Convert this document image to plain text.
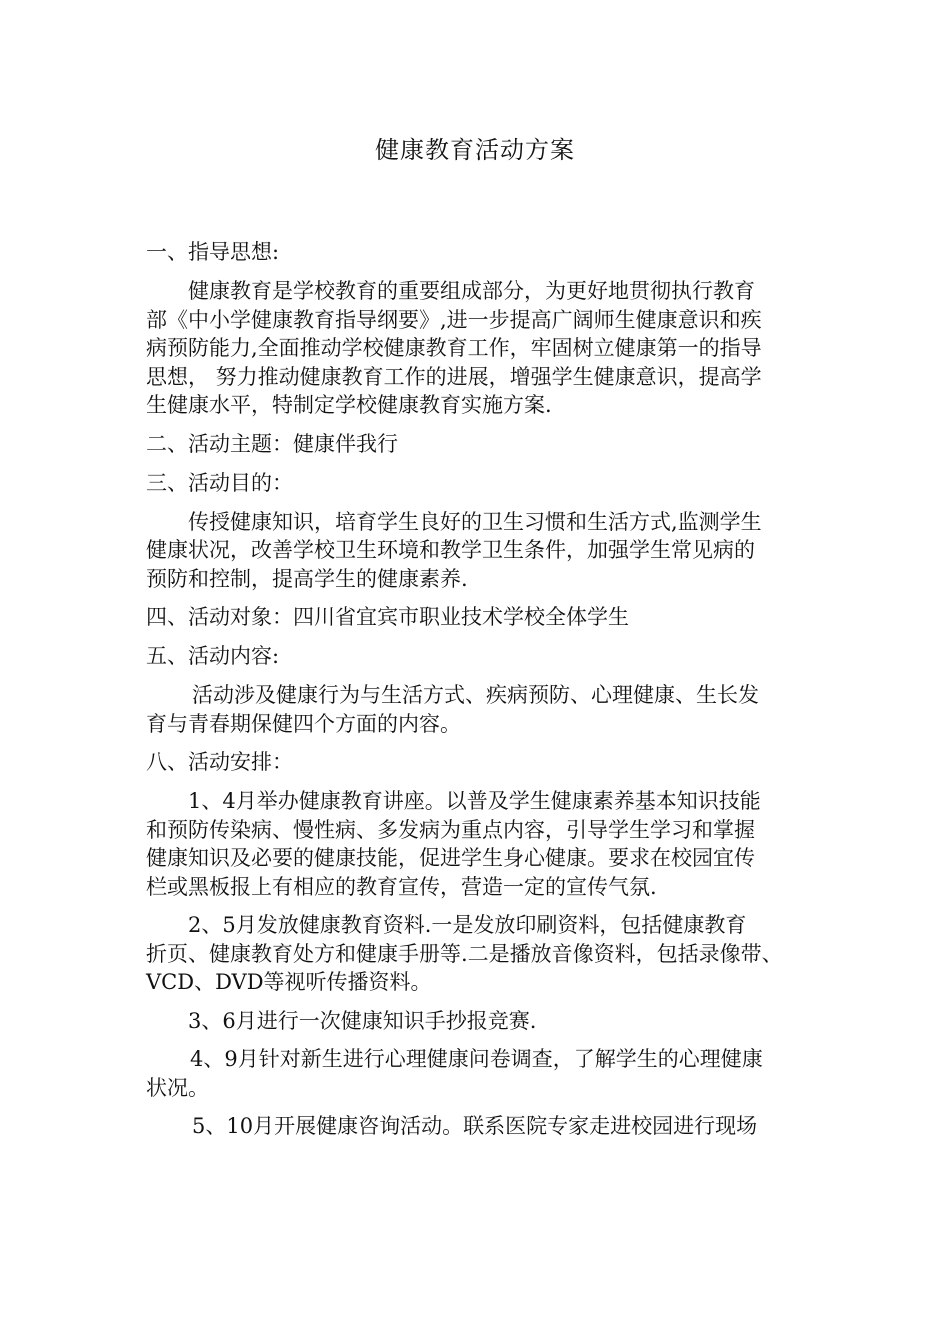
健康教育活动方案
一、指导思想:
健康教育是学校教育的重要组成部分，为更好地贯彻执行教育
部《中小学健康教育指导纲要》,进一步提高广阔师生健康意识和疾
病预防能力,全面推动学校健康教育工作，牢固树立健康第一的指导
思想， 努力推动健康教育工作的进展，增强学生健康意识，提高学
生健康水平，特制定学校健康教育实施方案.
二、活动主题：健康伴我行
三、活动目的：
传授健康知识，培育学生良好的卫生习惯和生活方式,监测学生
健康状况，改善学校卫生环境和教学卫生条件，加强学生常见病的
预防和控制，提高学生的健康素养.
四、活动对象：四川省宜宾市职业技术学校全体学生
五、活动内容:
活动涉及健康行为与生活方式、疾病预防、心理健康、生长发
育与青春期保健四个方面的内容。
八、活动安排：
1、4月举办健康教育讲座。以普及学生健康素养基本知识技能
和预防传染病、慢性病、多发病为重点内容，引导学生学习和掌握
健康知识及必要的健康技能，促进学生身心健康。要求在校园宜传
栏或黑板报上有相应的教育宣传，营造一定的宣传气氛.
2、5月发放健康教育资料.一是发放印刷资料，包括健康教育
折页、健康教育处方和健康手册等.二是播放音像资料，包括录像带、
VCD、DVD等视听传播资料。
3、6月进行一次健康知识手抄报竞赛.
4、9月针对新生进行心理健康问卷调查，了解学生的心理健康
状况。
5、10月开展健康咨询活动。联系医院专家走进校园进行现场
